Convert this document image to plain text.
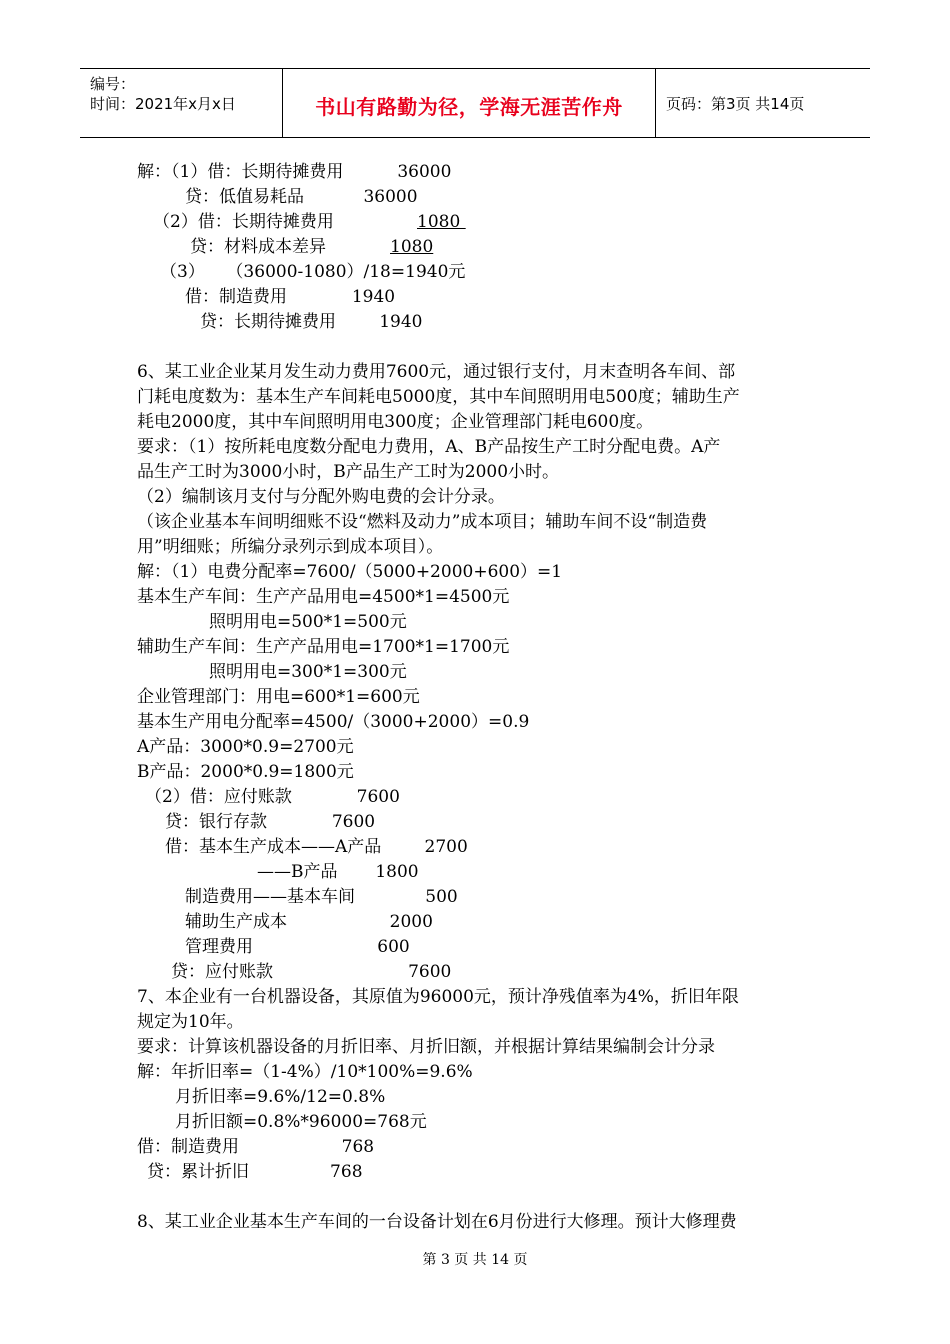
编号：
时间：2021年x月x日	书山有路勤为径，学海无涯苦作舟	页码：第3页 共14页
解：（1）借：长期待摊费用          36000
贷：低值易耗品           36000
（2）借：长期待摊费用	1080
贷：材料成本差异	1080
（3）    （36000-1080）/18=1940元
借：制造费用            1940
贷：长期待摊费用        1940
6、某工业企业某月发生动力费用7600元，通过银行支付，月末查明各车间、部
门耗电度数为：基本生产车间耗电5000度，其中车间照明用电500度；辅助生产
耗电2000度，其中车间照明用电300度；企业管理部门耗电600度。
要求：（1）按所耗电度数分配电力费用，A、B产品按生产工时分配电费。A产
品生产工时为3000小时，B产品生产工时为2000小时。
（2）编制该月支付与分配外购电费的会计分录。
（该企业基本车间明细账不设“燃料及动力”成本项目；辅助车间不设“制造费
用”明细账；所编分录列示到成本项目）。
解：（1）电费分配率=7600/（5000+2000+600）=1
基本生产车间：生产产品用电=4500*1=4500元
照明用电=500*1=500元
辅助生产车间：生产产品用电=1700*1=1700元
照明用电=300*1=300元
企业管理部门：用电=600*1=600元
基本生产用电分配率=4500/（3000+2000）=0.9
A产品：3000*0.9=2700元
B产品：2000*0.9=1800元
（2）借：应付账款            7600
贷：银行存款            7600
借：基本生产成本——A产品        2700
——B产品       1800
制造费用——基本车间             500
辅助生产成本                   2000
管理费用                       600
贷：应付账款                         7600
7、本企业有一台机器设备，其原值为96000元，预计净残值率为4%，折旧年限
规定为10年。
要求：计算该机器设备的月折旧率、月折旧额，并根据计算结果编制会计分录
解：年折旧率=（1-4%）/10*100%=9.6%
月折旧率=9.6%/12=0.8%
月折旧额=0.8%*96000=768元
借：制造费用                   768
贷：累计折旧               768
8、某工业企业基本生产车间的一台设备计划在6月份进行大修理。预计大修理费
第 3 页 共 14 页
